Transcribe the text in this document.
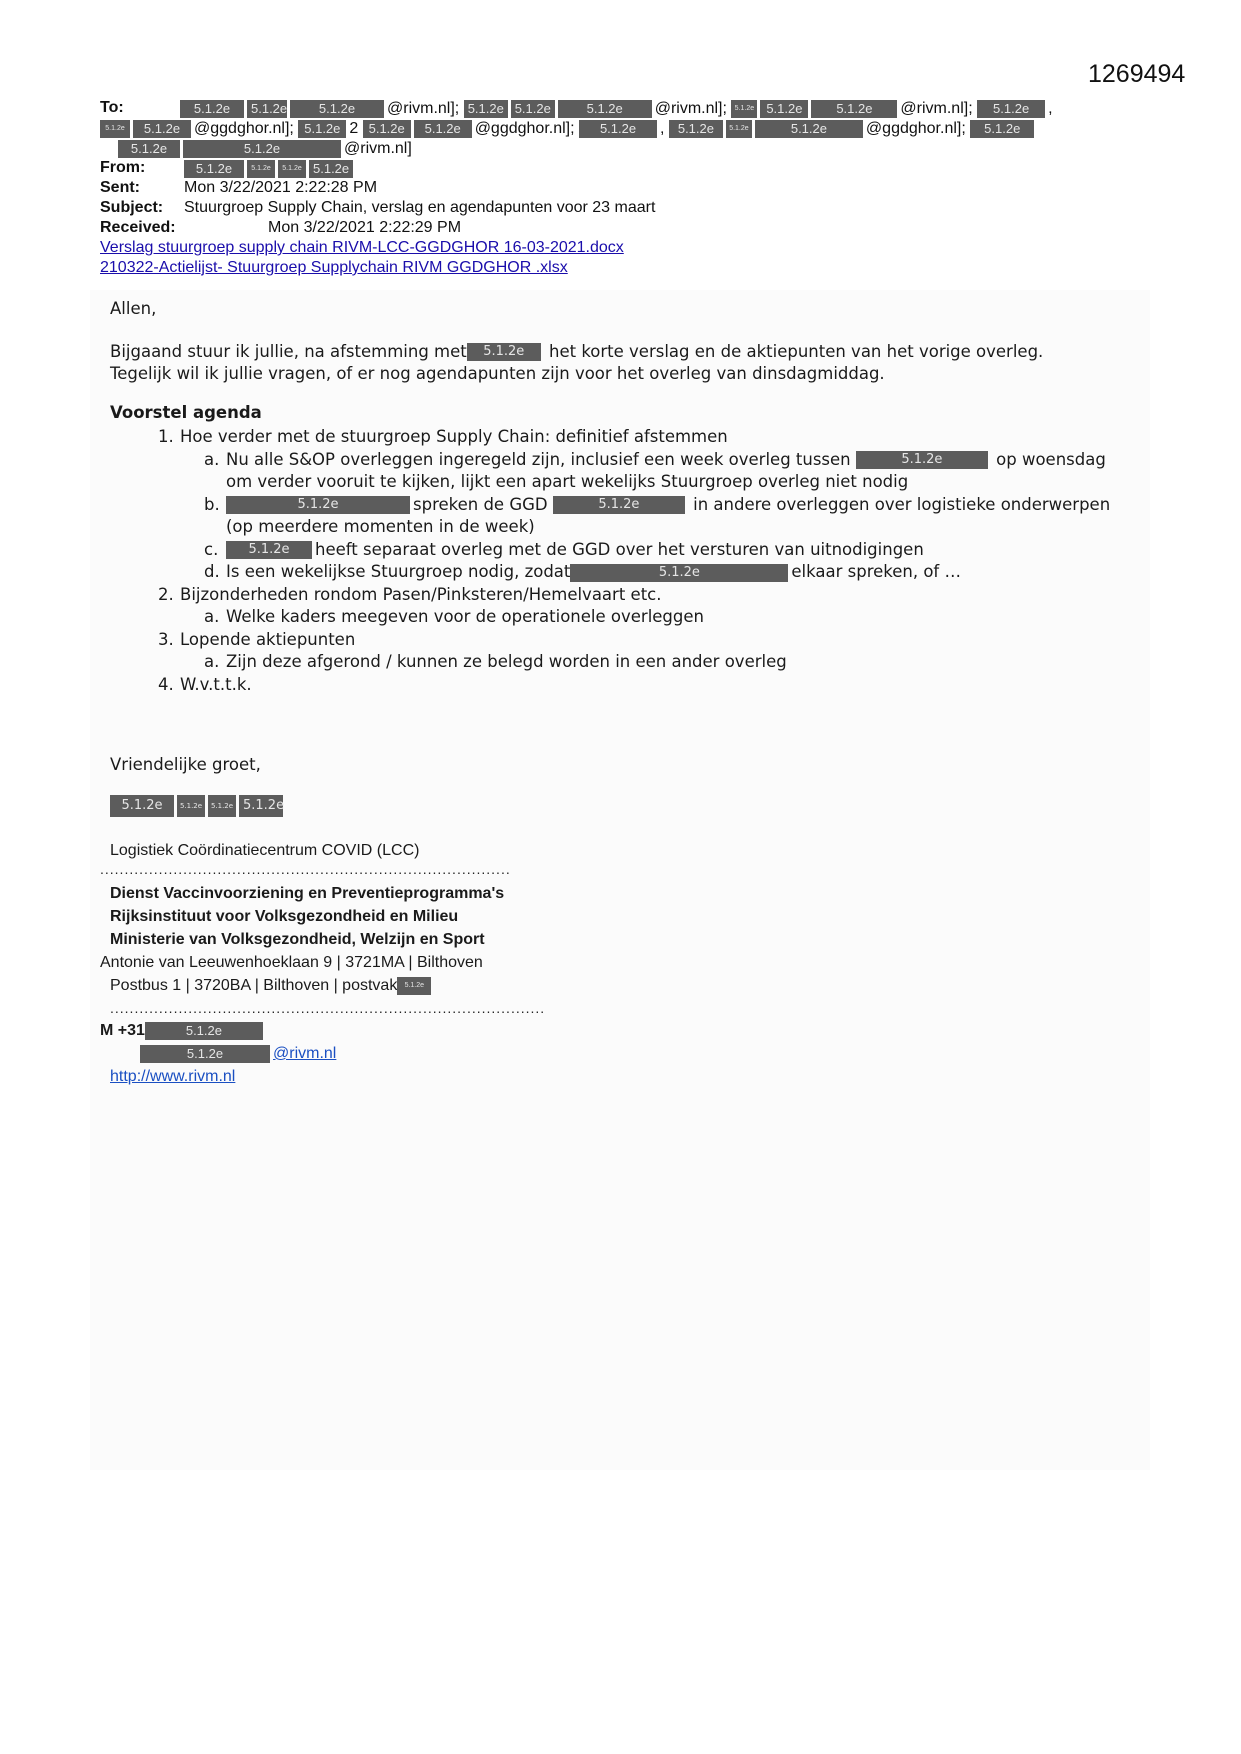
1269494
To:	5.1.2e 5.1.2e 5.1.2e @rivm.nl]; 5.1.2e 5.1.2e	5.1.2e @rivm.nl]; 5.1.2e 5.1.2e	5.1.2e @rivm.nl]; 5.1.2e ,
5.1.2e 5.1.2e @ggdghor.nl]; 5.1.2e 2 5.1.2e 5.1.2e @ggdghor.nl]; 5.1.2e , 5.1.2e 5.1.2e	5.1.2e @ggdghor.nl]; 5.1.2e
5.1.2e	5.1.2e	@rivm.nl]
From:	5.1.2e	5.1.2e 5.1.2e 5.1.2e
Sent:	Mon 3/22/2021 2:22:28 PM
Subject: Stuurgroep Supply Chain, verslag en agendapunten voor 23 maart
Received:	Mon 3/22/2021 2:22:29 PM
Verslag stuurgroep supply chain RIVM-LCC-GGDGHOR 16-03-2021.docx
210322-Actielijst- Stuurgroep Supplychain RIVM GGDGHOR .xlsx

Allen,

Bijgaand stuur ik jullie, na afstemming met 5.1.2e het korte verslag en de aktiepunten van het vorige overleg.
Tegelijk wil ik jullie vragen, of er nog agendapunten zijn voor het overleg van dinsdagmiddag.

Voorstel agenda
1. Hoe verder met de stuurgroep Supply Chain: definitief afstemmen
a. Nu alle S&OP overleggen ingeregeld zijn, inclusief een week overleg tussen	5.1.2e	op woensdag om verder vooruit te kijken, lijkt een apart wekelijks Stuurgroep overleg niet nodig
b.	5.1.2e	spreken de GGD	5.1.2e	in andere overleggen over logistieke onderwerpen (op meerdere momenten in de week)
c. 5.1.2e heeft separaat overleg met de GGD over het versturen van uitnodigingen
d. Is een wekelijkse Stuurgroep nodig, zodat	5.1.2e	elkaar spreken, of …
2. Bijzonderheden rondom Pasen/Pinksteren/Hemelvaart etc.
a. Welke kaders meegeven voor de operationele overleggen
3. Lopende aktiepunten
a. Zijn deze afgerond / kunnen ze belegd worden in een ander overleg
4. W.v.t.t.k.
Vriendelijke groet,
5.1.2e 5.1.2e 5.1.2e 5.1.2e
Logistiek Coördinatiecentrum COVID (LCC)
....................................................................................
Dienst Vaccinvoorziening en Preventieprogramma's
Rijksinstituut voor Volksgezondheid en Milieu
Ministerie van Volksgezondheid, Welzijn en Sport
Antonie van Leeuwenhoeklaan 9 | 3721MA | Bilthoven
Postbus 1 | 3720BA | Bilthoven | postvak 5.1.2e
.........................................................................................
M +31	5.1.2e
5.1.2e	@rivm.nl
http://www.rivm.nl
